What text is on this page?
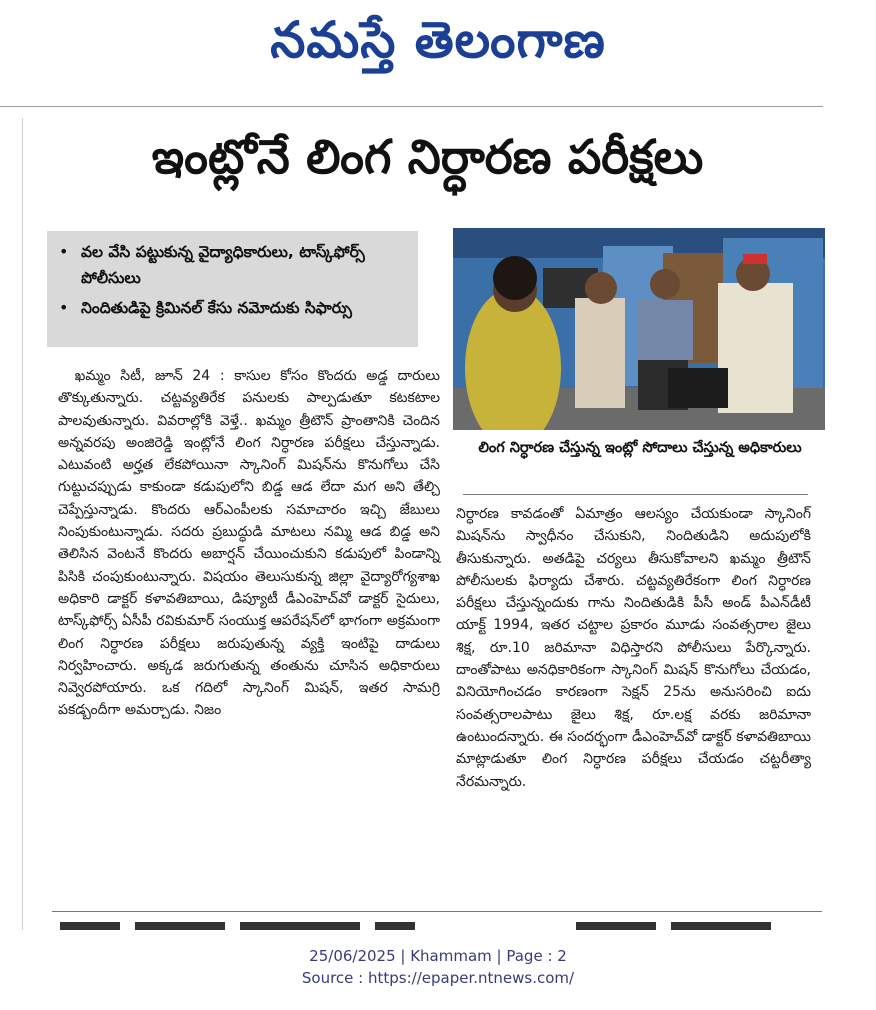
నమస్తే తెలంగాణ
ఇంట్లోనే లింగ నిర్ధారణ పరీక్షలు
• వల వేసి పట్టుకున్న వైద్యాధికారులు, టాస్క్‌ఫోర్స్ పోలీసులు
• నిందితుడిపై క్రిమినల్ కేసు నమోదుకు సిఫార్సు
లింగ నిర్ధారణ చేస్తున్న ఇంట్లో సోదాలు చేస్తున్న అధికారులు

ఖమ్మం సిటీ, జూన్ 24 : కాసుల కోసం కొందరు అడ్డ దారులు తొక్కుతున్నారు. చట్టవ్యతిరేక పనులకు పాల్పడుతూ కటకటాల పాలవుతున్నారు. వివరాల్లోకి వెళ్తే.. ఖమ్మం త్రీటౌన్ ప్రాంతానికి చెందిన అన్నవరపు అంజిరెడ్డి ఇంట్లోనే లింగ నిర్ధారణ పరీక్షలు చేస్తున్నాడు. ఎటువంటి అర్హత లేకపోయినా స్కానింగ్ మిషన్‌ను కొనుగోలు చేసి గుట్టుచప్పుడు కాకుండా కడుపులోని బిడ్డ ఆడ లేదా మగ అని తేల్చి చెప్పేస్తున్నాడు. కొందరు ఆర్‌ఎంపీలకు సమాచారం ఇచ్చి జేబులు నింపుకుంటున్నాడు. సదరు ప్రబుద్ధుడి మాటలు నమ్మి ఆడ బిడ్డ అని తెలిసిన వెంటనే కొందరు అబార్షన్ చేయించుకుని కడుపులో పిండాన్ని పిసికి చంపుకుంటున్నారు. విషయం తెలుసుకున్న జిల్లా వైద్యారోగ్యశాఖ అధికారి డాక్టర్ కళావతిబాయి, డిప్యూటీ డీఎంహెచ్‌వో డాక్టర్ సైదులు, టాస్క్‌ఫోర్స్ ఏసీపీ రవికుమార్ సంయుక్త ఆపరేషన్‌లో భాగంగా అక్రమంగా లింగ నిర్ధారణ పరీక్షలు జరుపుతున్న వ్యక్తి ఇంటిపై దాడులు నిర్వహించారు. అక్కడ జరుగుతున్న తంతును చూసిన అధికారులు నివ్వెరపోయారు. ఒక గదిలో స్కానింగ్ మిషన్, ఇతర సామగ్రి పకడ్బందీగా అమర్చాడు. నిజం

నిర్ధారణ కావడంతో ఏమాత్రం ఆలస్యం చేయకుండా స్కానింగ్ మిషన్‌ను స్వాధీనం చేసుకుని, నిందితుడిని అదుపులోకి తీసుకున్నారు. అతడిపై చర్యలు తీసుకోవాలని ఖమ్మం త్రీటౌన్ పోలీసులకు ఫిర్యాదు చేశారు. చట్టవ్యతిరేకంగా లింగ నిర్ధారణ పరీక్షలు చేస్తున్నందుకు గాను నిందితుడికి పీసీ అండ్ పీఎన్‌డీటీ యాక్ట్ 1994, ఇతర చట్టాల ప్రకారం మూడు సంవత్సరాల జైలు శిక్ష, రూ.10 జరిమానా విధిస్తారని పోలీసులు పేర్కొన్నారు. దాంతోపాటు అనధికారికంగా స్కానింగ్ మిషన్ కొనుగోలు చేయడం, వినియోగించడం కారణంగా సెక్షన్ 25ను అనుసరించి ఐదు సంవత్సరాలపాటు జైలు శిక్ష, రూ.లక్ష వరకు జరిమానా ఉంటుందన్నారు. ఈ సందర్భంగా డీఎంహెచ్‌వో డాక్టర్ కళావతిబాయి మాట్లాడుతూ లింగ నిర్ధారణ పరీక్షలు చేయడం చట్టరీత్యా నేరమన్నారు.

25/06/2025 | Khammam | Page : 2
Source : https://epaper.ntnews.com/
